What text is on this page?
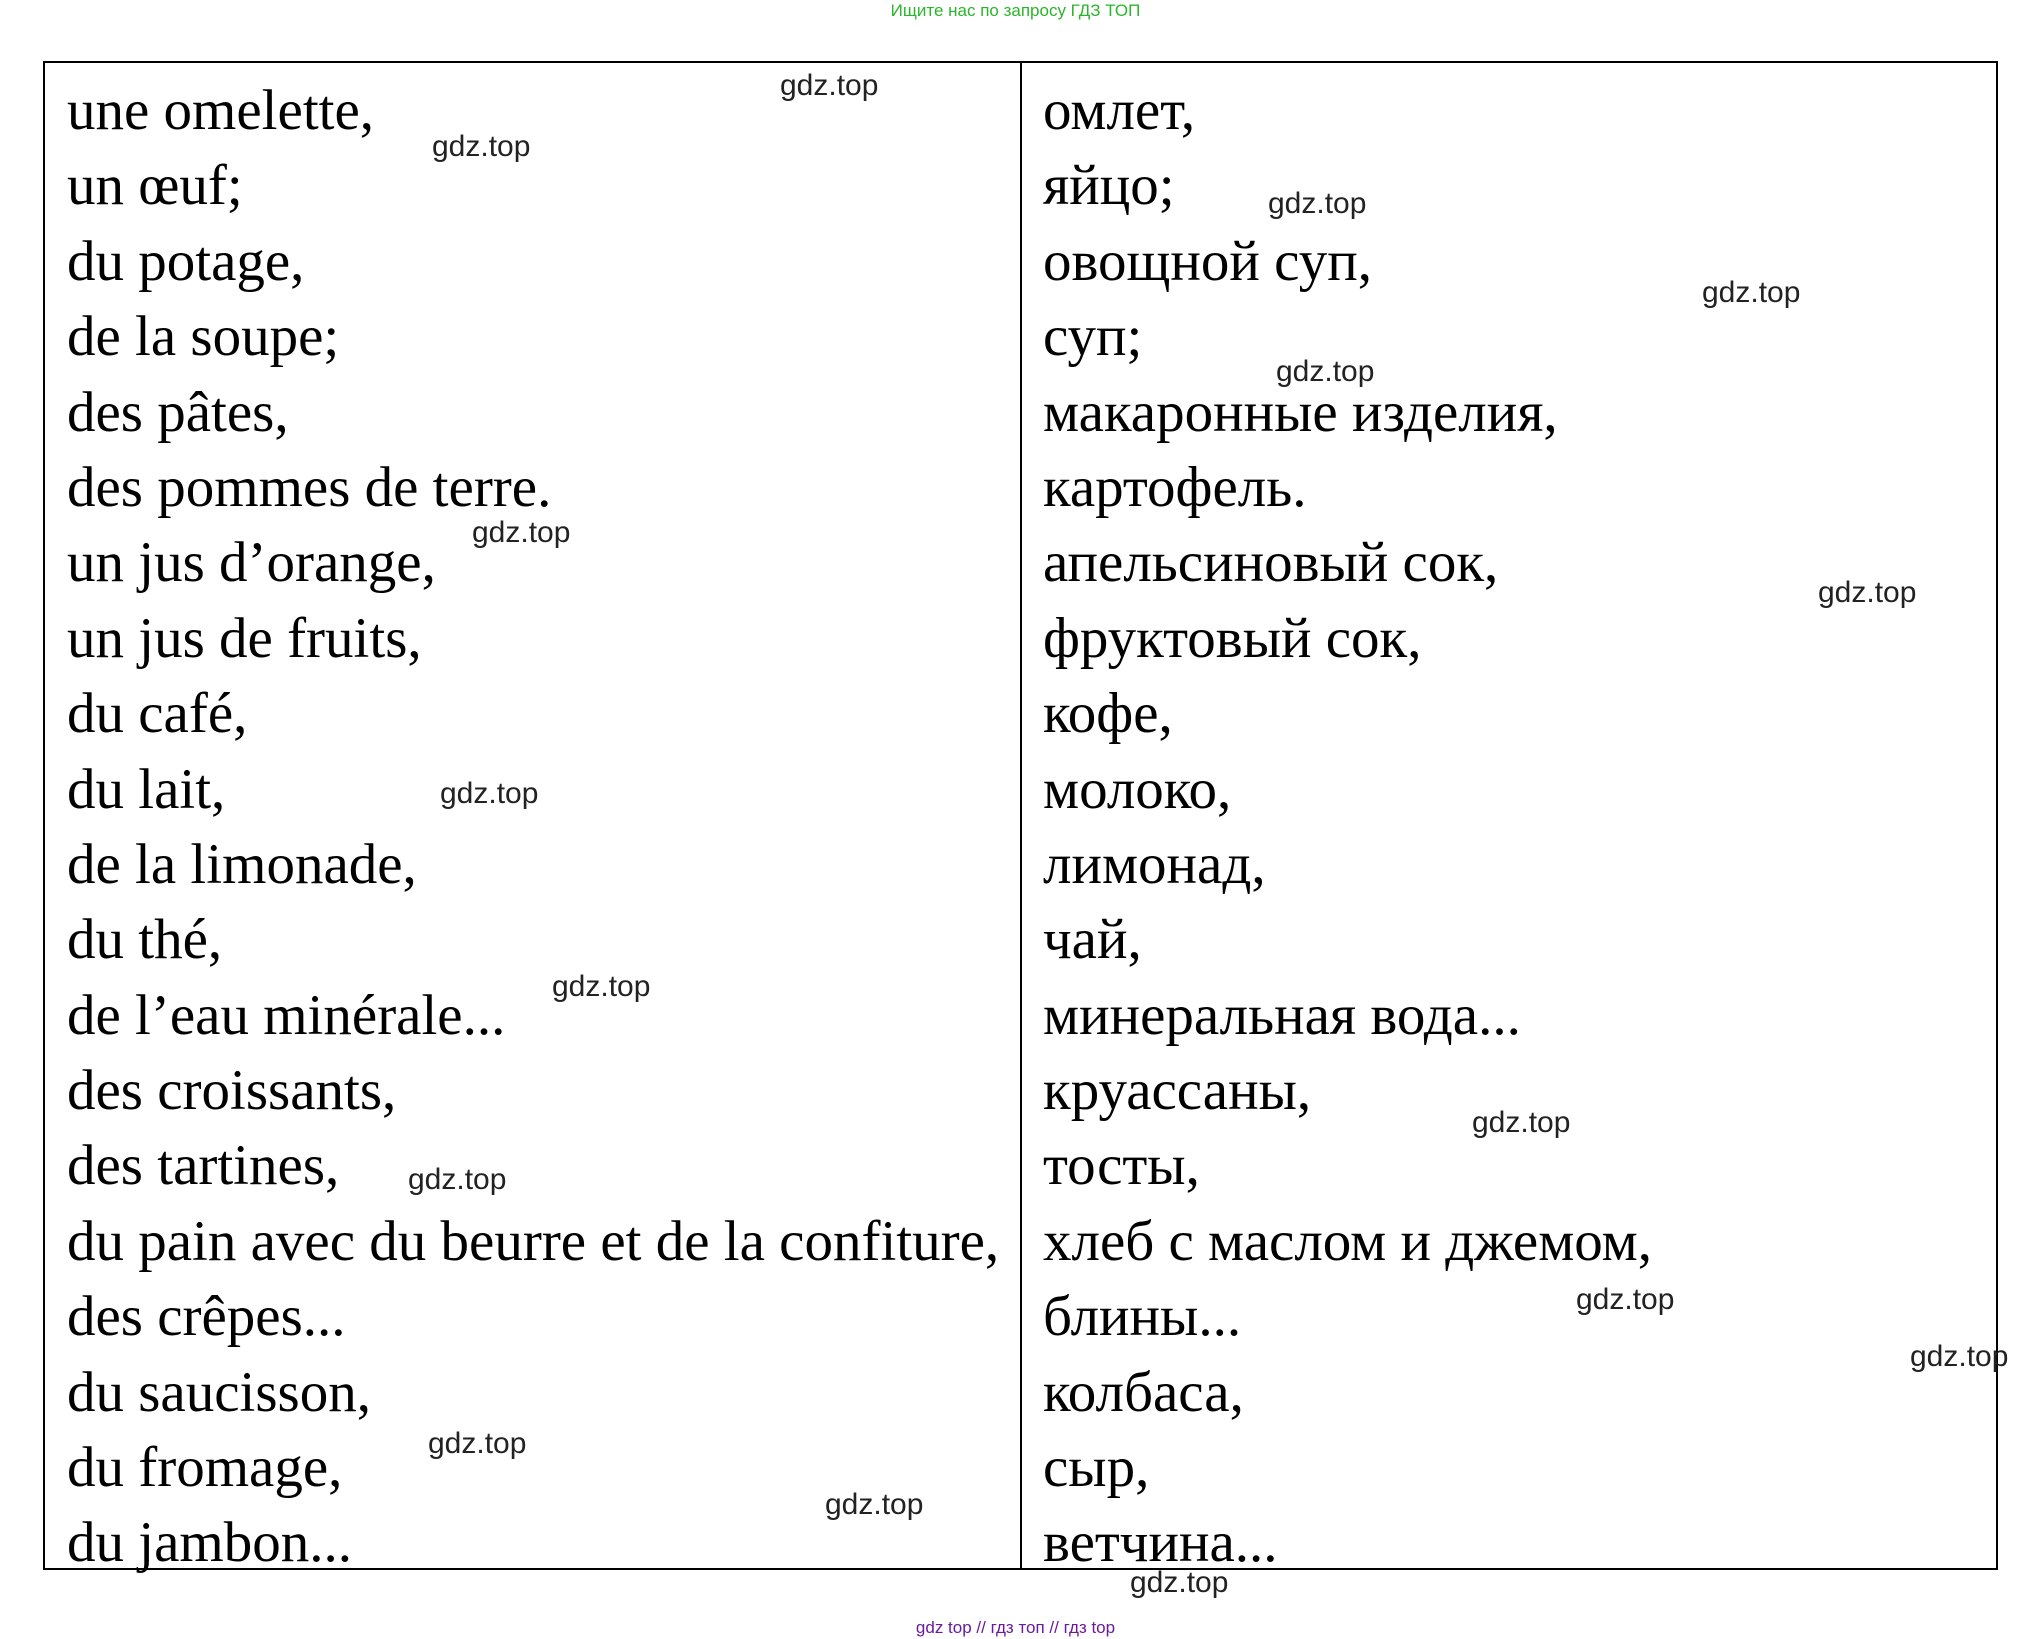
Ищите нас по запросу ГДЗ ТОП
une omelette,
un œuf;
du potage,
de la soupe;
des pâtes,
des pommes de terre.
un jus d’orange,
un jus de fruits,
du café,
du lait,
de la limonade,
du thé,
de l’eau minérale...
des croissants,
des tartines,
du pain avec du beurre et de la confiture,
des crêpes...
du saucisson,
du fromage,
du jambon...
омлет,
яйцо;
овощной суп,
суп;
макаронные изделия,
картофель.
апельсиновый сок,
фруктовый сок,
кофе,
молоко,
лимонад,
чай,
минеральная вода...
круассаны,
тосты,
хлеб с маслом и джемом,
блины...
колбаса,
сыр,
ветчина...
gdz.top
gdz.top
gdz.top
gdz.top
gdz.top
gdz.top
gdz.top
gdz.top
gdz.top
gdz.top
gdz.top
gdz.top
gdz.top
gdz.top
gdz.top
gdz.top
gdz top // гдз топ // гдз top
